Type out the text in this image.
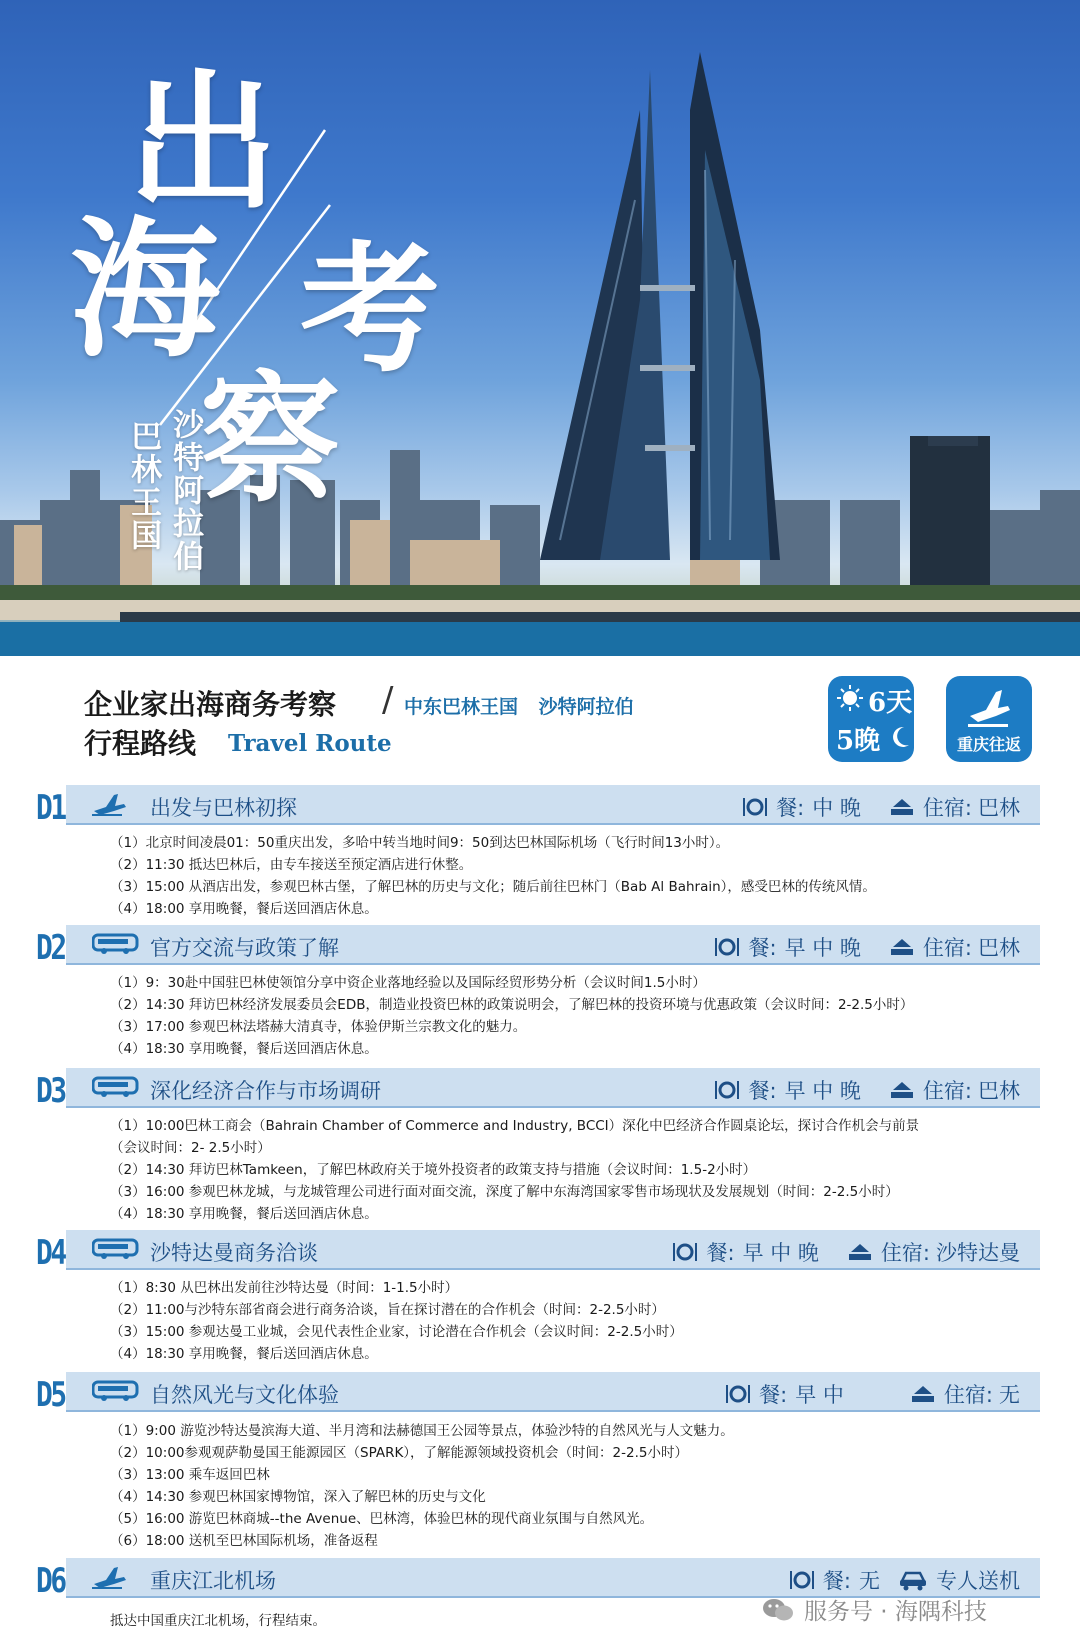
出
海 考
察
巴林王国 沙特阿拉伯
企业家出海商务考察 / 中东巴林王国 沙特阿拉伯
行程路线 Travel Route
6天
5晚	重庆往返
D1	出发与巴林初探	餐: 中 晚	住宿: 巴林
（1）北京时间凌晨01：50重庆出发，多哈中转当地时间9：50到达巴林国际机场（飞行时间13小时）。
（2）11:30 抵达巴林后，由专车接送至预定酒店进行休整。
（3）15:00 从酒店出发，参观巴林古堡，了解巴林的历史与文化；随后前往巴林门（Bab Al Bahrain），感受巴林的传统风情。
（4）18:00 享用晚餐，餐后送回酒店休息。
D2	官方交流与政策了解	餐: 早 中 晚	住宿: 巴林
（1）9：30赴中国驻巴林使领馆分享中资企业落地经验以及国际经贸形势分析（会议时间1.5小时）
（2）14:30 拜访巴林经济发展委员会EDB，制造业投资巴林的政策说明会，了解巴林的投资环境与优惠政策（会议时间：2-2.5小时）
（3）17:00 参观巴林法塔赫大清真寺，体验伊斯兰宗教文化的魅力。
（4）18:30 享用晚餐，餐后送回酒店休息。
D3	深化经济合作与市场调研	餐: 早 中 晚	住宿: 巴林
（1）10:00巴林工商会（Bahrain Chamber of Commerce and Industry, BCCI）深化中巴经济合作圆桌论坛，探讨合作机会与前景
（会议时间：2- 2.5小时）
（2）14:30 拜访巴林Tamkeen，了解巴林政府关于境外投资者的政策支持与措施（会议时间：1.5-2小时）
（3）16:00 参观巴林龙城，与龙城管理公司进行面对面交流，深度了解中东海湾国家零售市场现状及发展规划（时间：2-2.5小时）
（4）18:30 享用晚餐，餐后送回酒店休息。
D4	沙特达曼商务洽谈	餐: 早 中 晚	住宿: 沙特达曼
（1）8:30 从巴林出发前往沙特达曼（时间：1-1.5小时）
（2）11:00与沙特东部省商会进行商务洽谈，旨在探讨潜在的合作机会（时间：2-2.5小时）
（3）15:00 参观达曼工业城，会见代表性企业家，讨论潜在合作机会（会议时间：2-2.5小时）
（4）18:30 享用晚餐，餐后送回酒店休息。
D5	自然风光与文化体验	餐: 早 中	住宿: 无
（1）9:00 游览沙特达曼滨海大道、半月湾和法赫德国王公园等景点，体验沙特的自然风光与人文魅力。
（2）10:00参观观萨勒曼国王能源园区（SPARK），了解能源领域投资机会（时间：2-2.5小时）
（3）13:00 乘车返回巴林
（4）14:30 参观巴林国家博物馆，深入了解巴林的历史与文化
（5）16:00 游览巴林商城--the Avenue、巴林湾，体验巴林的现代商业氛围与自然风光。
（6）18:00 送机至巴林国际机场，准备返程
D6	重庆江北机场	餐: 无	专人送机
抵达中国重庆江北机场，行程结束。	服务号 · 海隅科技
